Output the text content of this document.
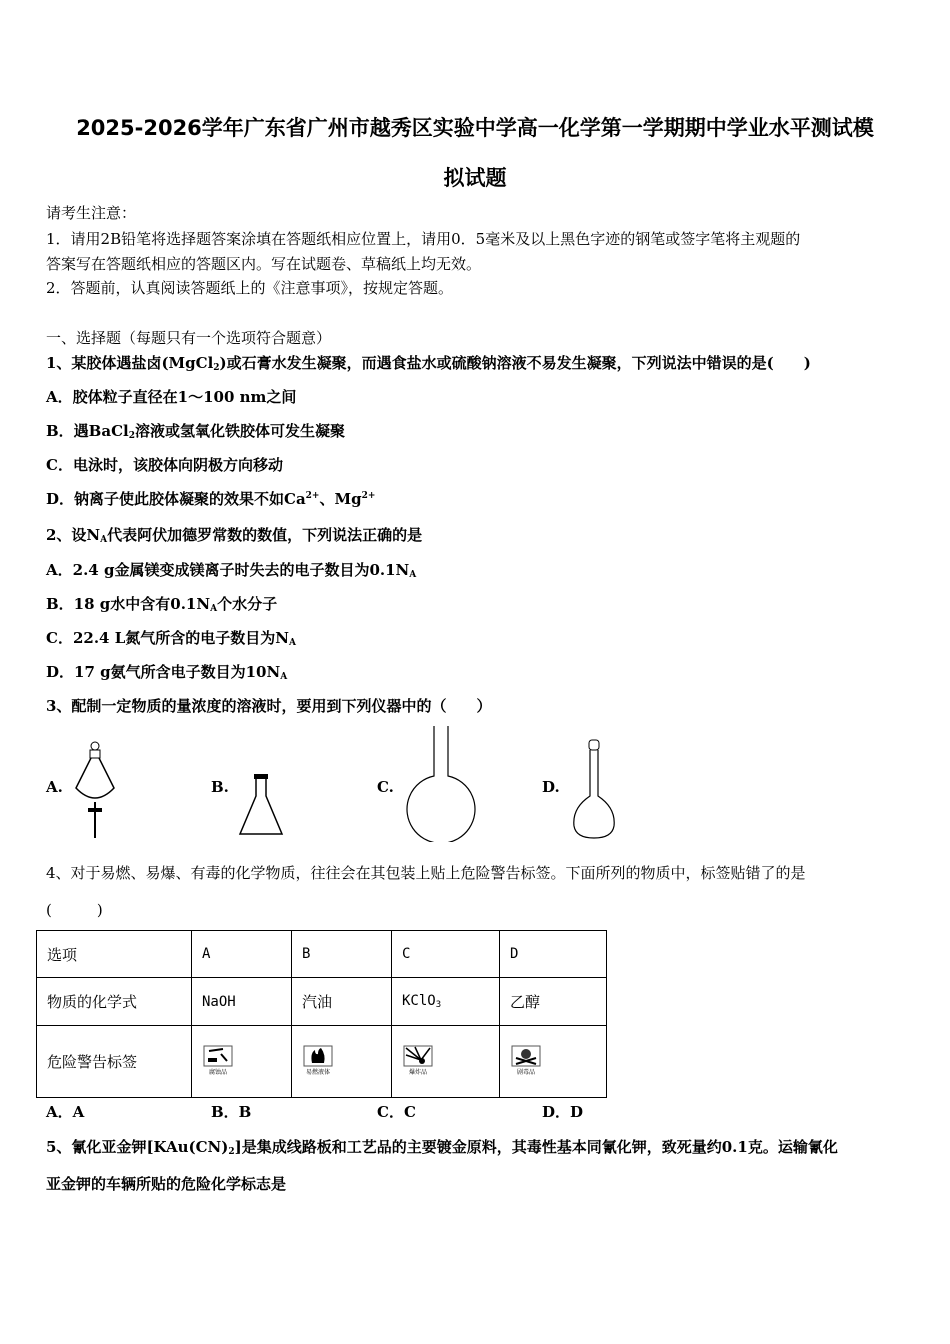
2025-2026学年广东省广州市越秀区实验中学高一化学第一学期期中学业水平测试模
拟试题
请考生注意：
1．请用2B铅笔将选择题答案涂填在答题纸相应位置上，请用0．5毫米及以上黑色字迹的钢笔或签字笔将主观题的
答案写在答题纸相应的答题区内。写在试题卷、草稿纸上均无效。
2．答题前，认真阅读答题纸上的《注意事项》，按规定答题。
一、选择题（每题只有一个选项符合题意）
1、某胶体遇盐卤(MgCl$_2$)或石膏水发生凝聚，而遇食盐水或硫酸钠溶液不易发生凝聚，下列说法中错误的是(　　)
A．胶体粒子直径在1～100 nm之间
B．遇BaCl$_2$溶液或氢氧化铁胶体可发生凝聚
C．电泳时，该胶体向阴极方向移动
D．钠离子使此胶体凝聚的效果不如$Ca^{2+}$、$Mg^{2+}$
2、设$N_A$代表阿伏加德罗常数的数值，下列说法正确的是
A．2.4 g金属镁变成镁离子时失去的电子数目为$0.1N_A$
B．18 g水中含有$0.1N_A$个水分子
C．22.4 L氮气所含的电子数目为$N_A$
D．17 g氨气所含电子数目为$10N_A$
3、配制一定物质的量浓度的溶液时，要用到下列仪器中的（　　）
A.	B.	C.	D.
4、对于易燃、易爆、有毒的化学物质，往往会在其包装上贴上危险警告标签。下面所列的物质中，标签贴错了的是
(　　　)
选项	A	B	C	D
物质的化学式	NaOH	汽油	KClO$_3$	乙醇
危险警告标签	腐蚀品	易燃液体	爆炸品	剧毒品
A．A	B．B	C．C	D．D
5、氰化亚金钾$[KAu(CN)_2]$是集成线路板和工艺品的主要镀金原料，其毒性基本同氰化钾，致死量约0.1克。运输氰化
亚金钾的车辆所贴的危险化学标志是
